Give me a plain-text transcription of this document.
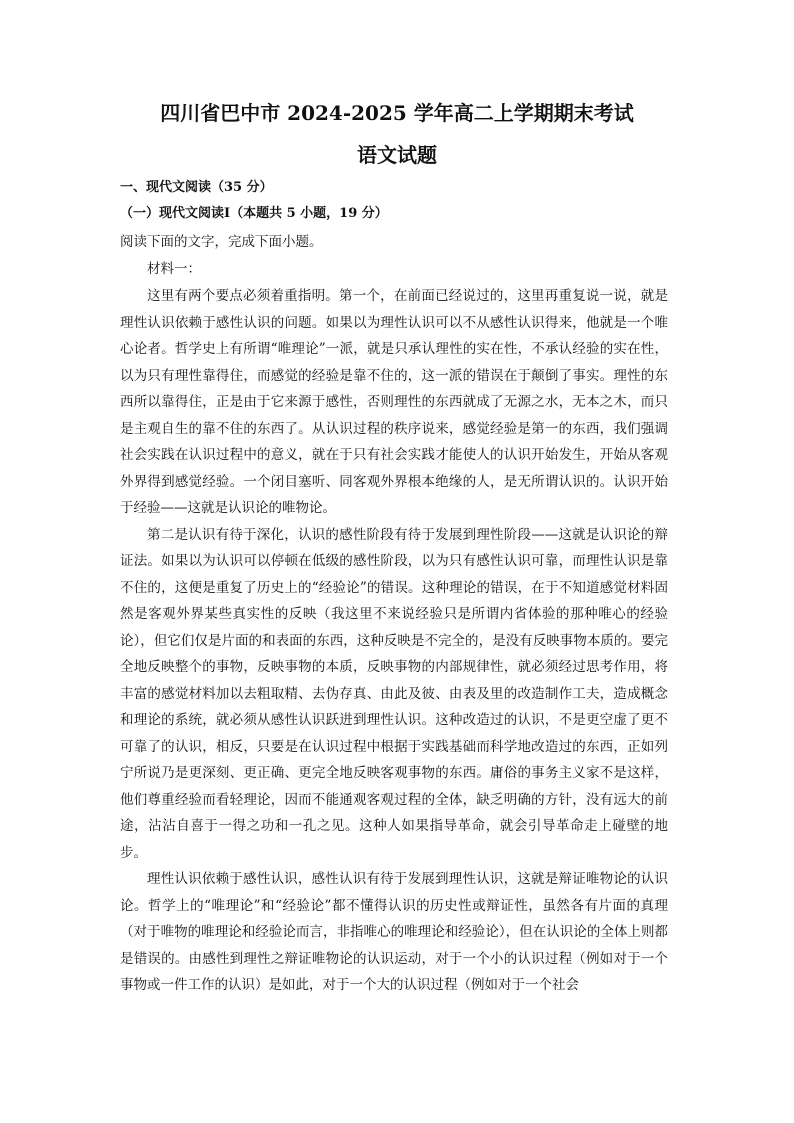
四川省巴中市 2024-2025 学年高二上学期期末考试
语文试题
一、现代文阅读（35 分）
（一）现代文阅读Ⅰ（本题共 5 小题，19 分）
阅读下面的文字，完成下面小题。
材料一：

这里有两个要点必须着重指明。第一个，在前面已经说过的，这里再重复说一说，就是理性认识依赖于感性认识的问题。如果以为理性认识可以不从感性认识得来，他就是一个唯心论者。哲学史上有所谓“唯理论”一派，就是只承认理性的实在性，不承认经验的实在性，以为只有理性靠得住，而感觉的经验是靠不住的，这一派的错误在于颠倒了事实。理性的东西所以靠得住，正是由于它来源于感性，否则理性的东西就成了无源之水，无本之木，而只是主观自生的靠不住的东西了。从认识过程的秩序说来，感觉经验是第一的东西，我们强调社会实践在认识过程中的意义，就在于只有社会实践才能使人的认识开始发生，开始从客观外界得到感觉经验。一个闭目塞听、同客观外界根本绝缘的人，是无所谓认识的。认识开始于经验——这就是认识论的唯物论。

第二是认识有待于深化，认识的感性阶段有待于发展到理性阶段——这就是认识论的辩证法。如果以为认识可以停顿在低级的感性阶段，以为只有感性认识可靠，而理性认识是靠不住的，这便是重复了历史上的“经验论”的错误。这种理论的错误，在于不知道感觉材料固然是客观外界某些真实性的反映（我这里不来说经验只是所谓内省体验的那种唯心的经验论），但它们仅是片面的和表面的东西，这种反映是不完全的，是没有反映事物本质的。要完全地反映整个的事物，反映事物的本质，反映事物的内部规律性，就必须经过思考作用，将丰富的感觉材料加以去粗取精、去伪存真、由此及彼、由表及里的改造制作工夫，造成概念和理论的系统，就必须从感性认识跃进到理性认识。这种改造过的认识，不是更空虚了更不可靠了的认识，相反，只要是在认识过程中根据于实践基础而科学地改造过的东西，正如列宁所说乃是更深刻、更正确、更完全地反映客观事物的东西。庸俗的事务主义家不是这样，他们尊重经验而看轻理论，因而不能通观客观过程的全体，缺乏明确的方针，没有远大的前途，沾沾自喜于一得之功和一孔之见。这种人如果指导革命，就会引导革命走上碰壁的地步。

理性认识依赖于感性认识，感性认识有待于发展到理性认识，这就是辩证唯物论的认识论。哲学上的“唯理论”和“经验论”都不懂得认识的历史性或辩证性，虽然各有片面的真理（对于唯物的唯理论和经验论而言，非指唯心的唯理论和经验论），但在认识论的全体上则都是错误的。由感性到理性之辩证唯物论的认识运动，对于一个小的认识过程（例如对于一个事物或一件工作的认识）是如此，对于一个大的认识过程（例如对于一个社会
